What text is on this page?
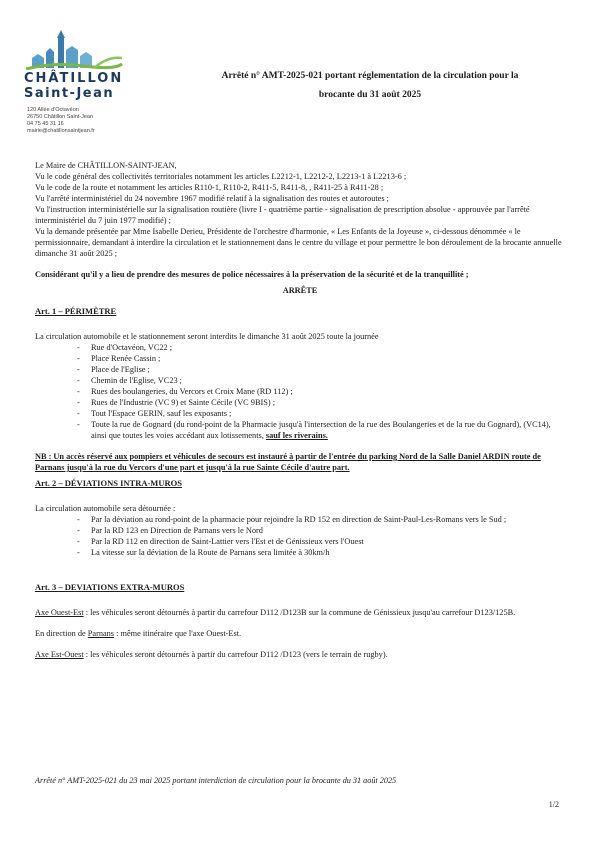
CHÂTILLON
Saint-Jean
120 Allée d'Octavéon
26750 Châtillon Saint-Jean
04 75 45 31 16
mairie@chatillonsaintjean.fr
Arrêté n° AMT-2025-021 portant réglementation de la circulation pour la
brocante du 31 août 2025

Le Maire de CHÂTILLON-SAINT-JEAN,

Vu le code général des collectivités territoriales notamment les articles L2212-1, L2212-2, L2213-1 à L2213-6 ;

Vu le code de la route et notamment les articles R110-1, R110-2, R411-5, R411-8, , R411-25 à R411-28 ;

Vu l'arrêté interministériel du 24 novembre 1967 modifié relatif à la signalisation des routes et autoroutes ;

Vu l'instruction interministérielle sur la signalisation routière (livre I - quatrième partie - signalisation de prescription absolue - approuvée par l'arrêté interministériel du 7 juin 1977 modifié) ;

Vu la demande présentée par Mme Isabelle Derieu, Présidente de l'orchestre d'harmonie, « Les Enfants de la Joyeuse », ci-dessous dénommée « le permissionnaire, demandant à interdire la circulation et le stationnement dans le centre du village et pour permettre le bon déroulement de la brocante annuelle dimanche 31 août 2025 ;

Considérant qu'il y a lieu de prendre des mesures de police nécessaires à la préservation de la sécurité et de la tranquillité ;

ARRÊTE

Art. 1 – PÉRIMÈTRE

La circulation automobile et le stationnement seront interdits le dimanche 31 août 2025 toute la journée

- Rue d'Octavéon, VC22 ;
- Place Renée Cassin ;
- Place de l'Eglise ;
- Chemin de l'Eglise, VC23 ;
- Rues des boulangeries, du Vercors et Croix Mane (RD 112) ;
- Rues de l'Industrie (VC 9) et Sainte Cécile (VC 9BIS) ;
- Tout l'Espace GERIN, sauf les exposants ;
- Toute la rue de Gognard (du rond-point de la Pharmacie jusqu'à l'intersection de la rue des Boulangeries et de la rue du Gognard), (VC14), ainsi que toutes les voies accédant aux lotissements, sauf les riverains.

NB : Un accès réservé aux pompiers et véhicules de secours est instauré à partir de l'entrée du parking Nord de la Salle Daniel ARDIN route de Parnans jusqu'à la rue du Vercors d'une part et jusqu'à la rue Sainte Cécile d'autre part.

Art. 2 – DÉVIATIONS INTRA-MUROS

La circulation automobile sera détournée :

- Par la déviation au rond-point de la pharmacie pour rejoindre la RD 152 en direction de Saint-Paul-Les-Romans vers le Sud ;
- Par la RD 123 en Direction de Parnans vers le Nord
- Par la RD 112 en direction de Saint-Lattier vers l'Est et de Génissieux vers l'Ouest
- La vitesse sur la déviation de la Route de Parnans sera limitée à 30km/h

Art. 3 – DEVIATIONS EXTRA-MUROS

Axe Ouest-Est : les véhicules seront détournés à partir du carrefour D112 /D123B sur la commune de Génissieux jusqu'au carrefour D123/125B.

En direction de Parnans : même itinéraire que l'axe Ouest-Est.

Axe Est-Ouest : les véhicules seront détournés à partir du carrefour D112 /D123 (vers le terrain de rugby).

Arrêté n° AMT-2025-021 du 23 mai 2025 portant interdiction de circulation pour la brocante du 31 août 2025
1/2
